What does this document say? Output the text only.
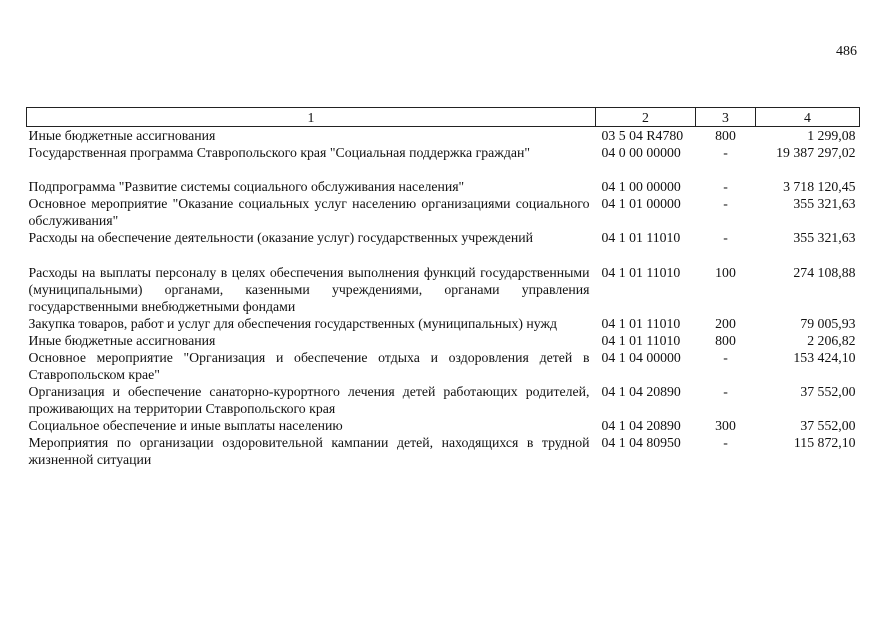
486
1	2	3	4
Иные бюджетные ассигнования	03 5 04 R4780	800	1 299,08
Государственная программа Ставропольского края "Социальная поддержка граждан"	04 0 00 00000	-	19 387 297,02
Подпрограмма "Развитие системы социального обслуживания населения"	04 1 00 00000	-	3 718 120,45
Основное мероприятие "Оказание социальных услуг населению организациями социального обслуживания"	04 1 01 00000	-	355 321,63
Расходы на обеспечение деятельности (оказание услуг) государственных учреждений	04 1 01 11010	-	355 321,63
Расходы на выплаты персоналу в целях обеспечения выполнения функций государственными (муниципальными) органами, казенными учреждениями, органами управления государственными внебюджетными фондами	04 1 01 11010	100	274 108,88
Закупка товаров, работ и услуг для обеспечения государственных (муниципальных) нужд	04 1 01 11010	200	79 005,93
Иные бюджетные ассигнования	04 1 01 11010	800	2 206,82
Основное мероприятие "Организация и обеспечение отдыха и оздоровления детей в Ставропольском крае"	04 1 04 00000	-	153 424,10
Организация и обеспечение санаторно-курортного лечения детей работающих родителей, проживающих на территории Ставропольского края	04 1 04 20890	-	37 552,00
Социальное обеспечение и иные выплаты населению	04 1 04 20890	300	37 552,00
Мероприятия по организации оздоровительной кампании детей, находящихся в трудной жизненной ситуации	04 1 04 80950	-	115 872,10
